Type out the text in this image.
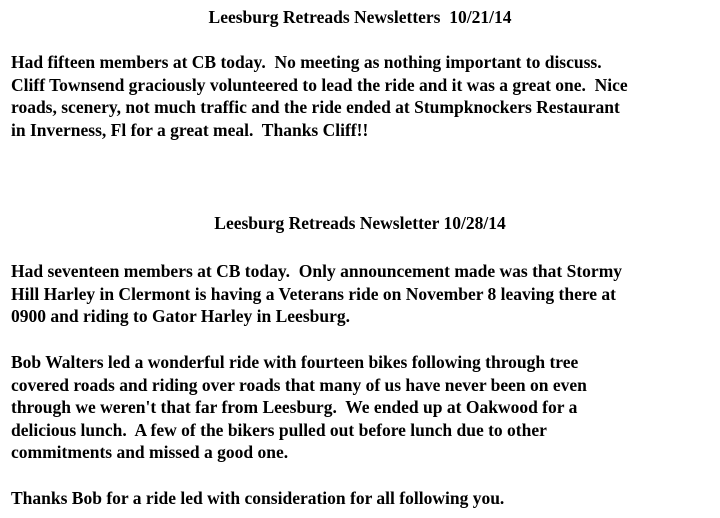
Leesburg Retreads Newsletters  10/21/14
Had fifteen members at CB today.  No meeting as nothing important to discuss.
Cliff Townsend graciously volunteered to lead the ride and it was a great one.  Nice
roads, scenery, not much traffic and the ride ended at Stumpknockers Restaurant
in Inverness, Fl for a great meal.  Thanks Cliff!!
Leesburg Retreads Newsletter 10/28/14
Had seventeen members at CB today.  Only announcement made was that Stormy
Hill Harley in Clermont is having a Veterans ride on November 8 leaving there at
0900 and riding to Gator Harley in Leesburg.
Bob Walters led a wonderful ride with fourteen bikes following through tree
covered roads and riding over roads that many of us have never been on even
through we weren't that far from Leesburg.  We ended up at Oakwood for a
delicious lunch.  A few of the bikers pulled out before lunch due to other
commitments and missed a good one.
Thanks Bob for a ride led with consideration for all following you.
